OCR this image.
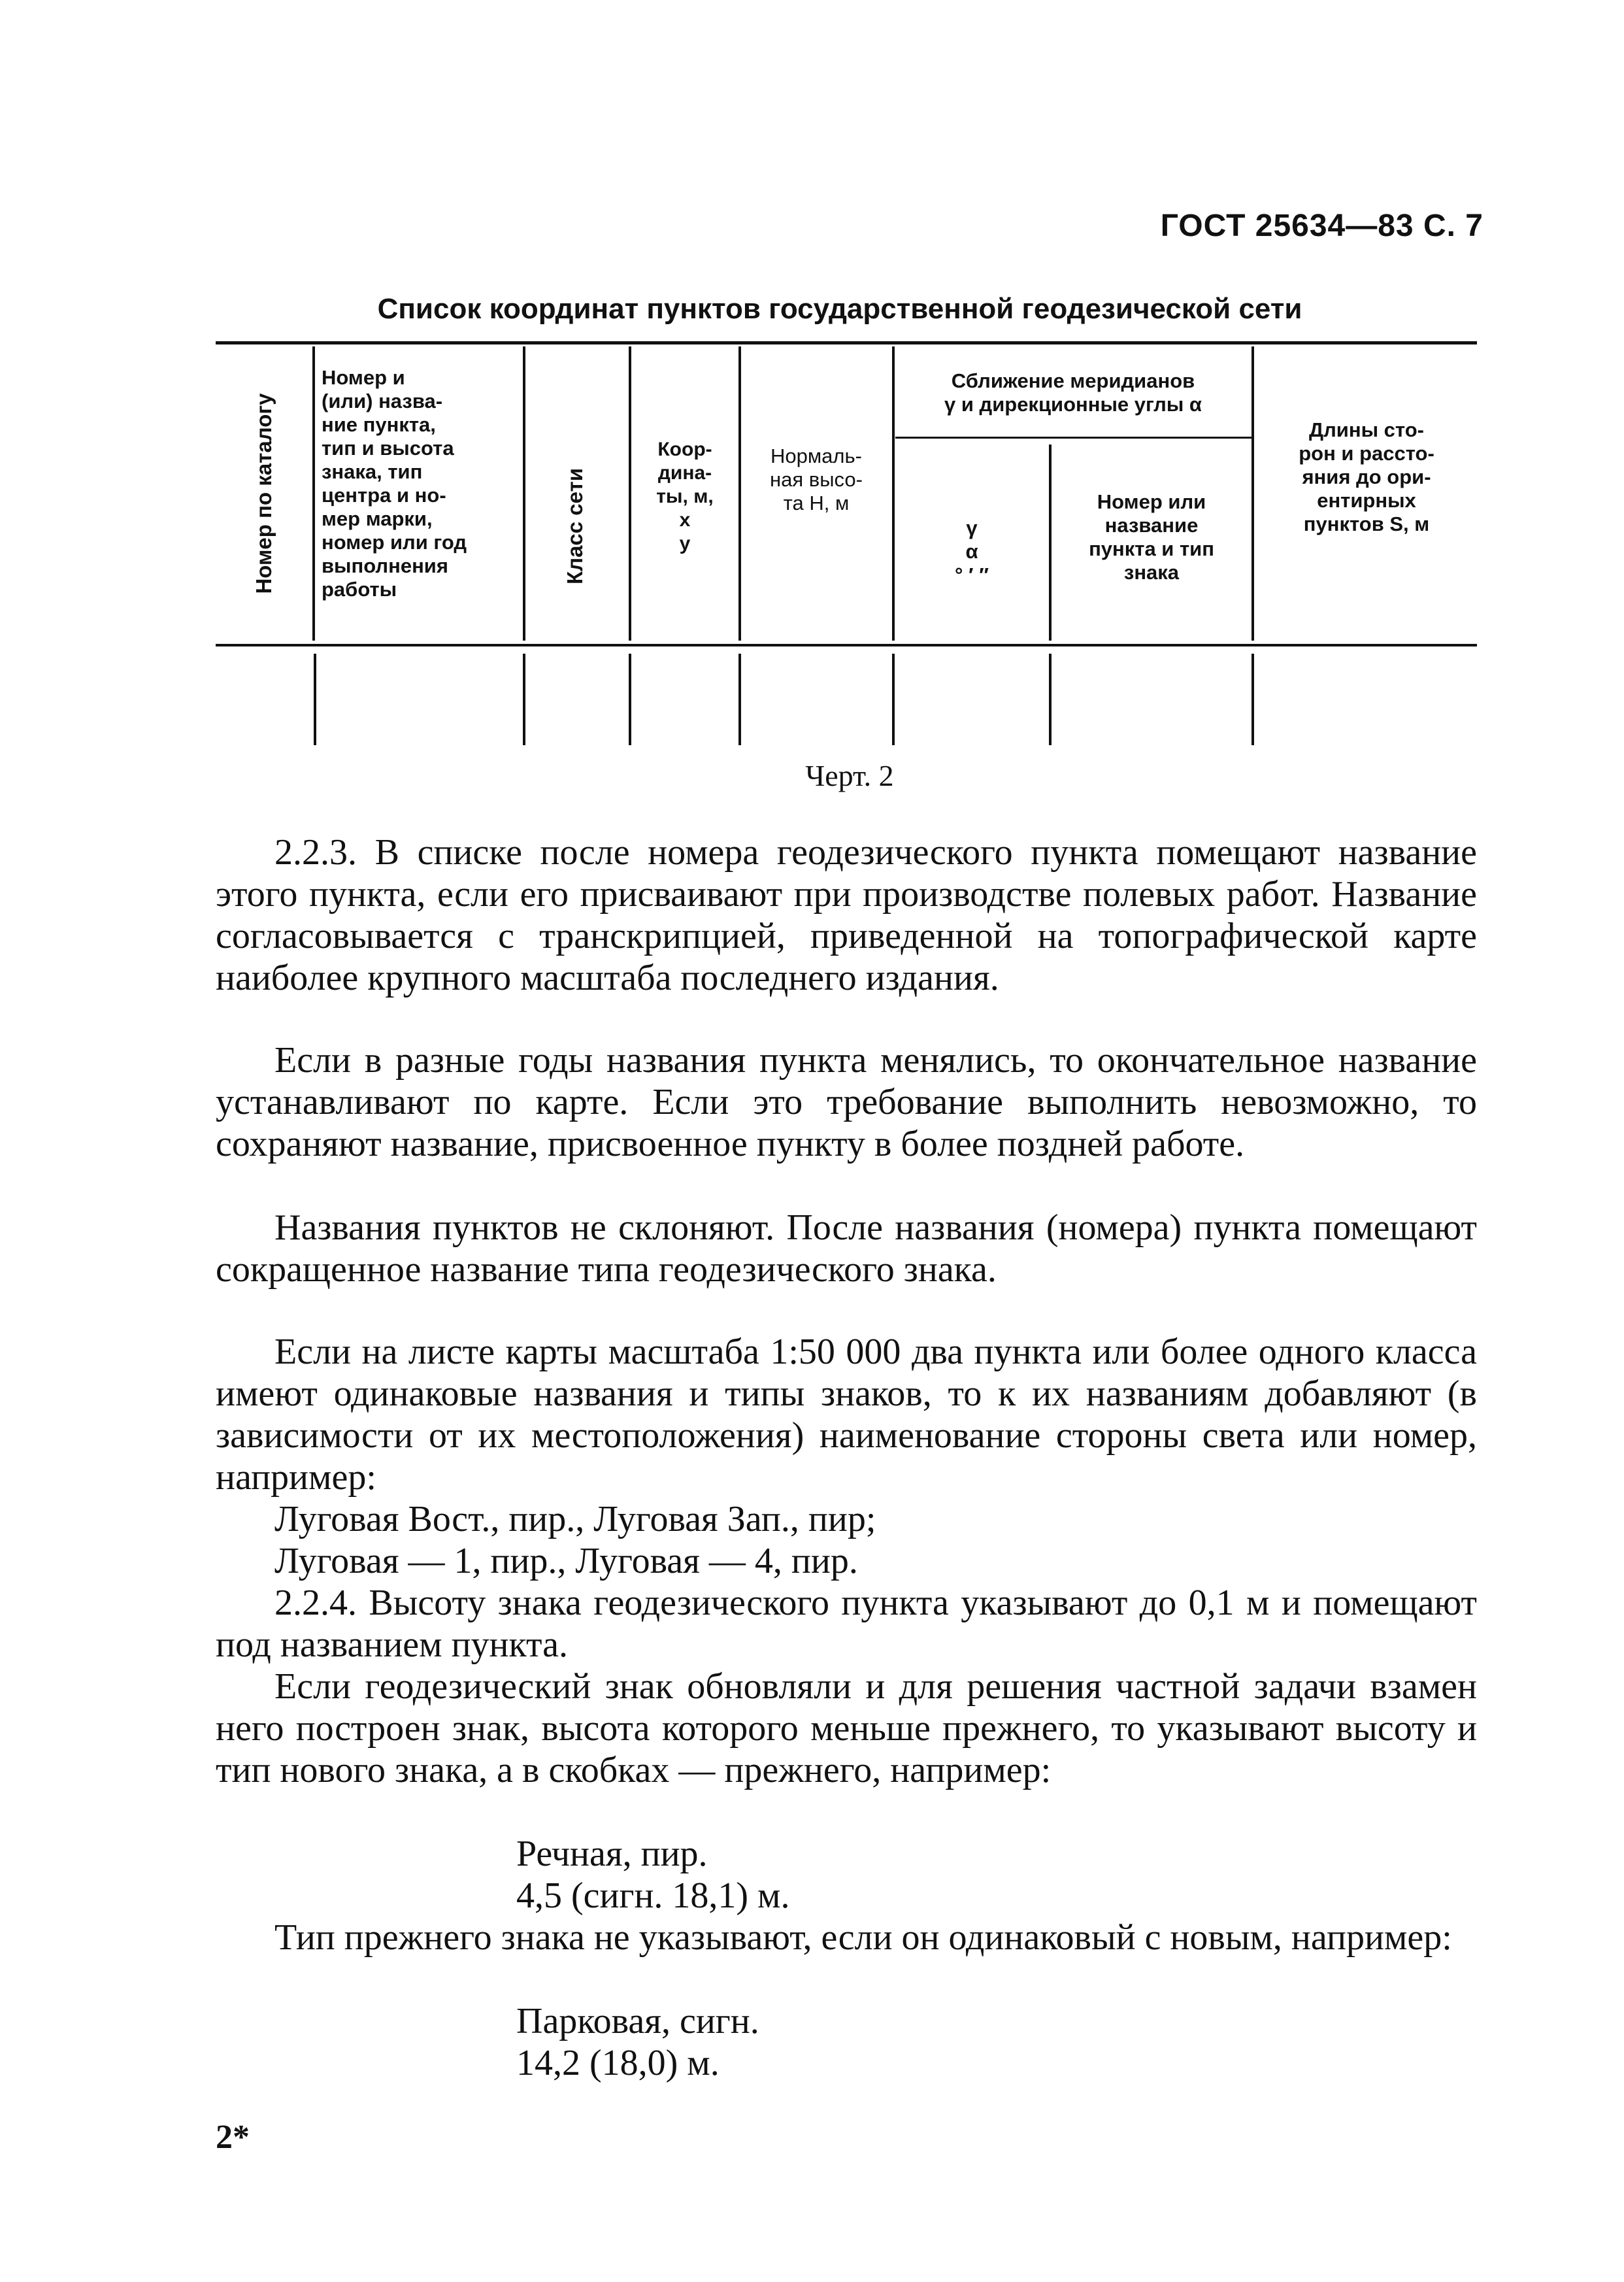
ГОСТ 25634—83 С. 7
Список координат пунктов государственной геодезической сети
Номер по каталогу
Номер и
(или) назва-
ние пункта,
тип и высота
знака, тип
центра и но-
мер марки,
номер или год
выполнения
работы
Класс сети
Коор-
дина-
ты, м,
x
y
Нормаль-
ная высо-
та H, м
Сближение меридианов
γ и дирекционные углы α
γ
α
° ′ ″
Номер или
название
пункта и тип
знака
Длины сто-
рон и рассто-
яния до ори-
ентирных
пунктов S, м
Черт. 2
2.2.3. В списке после номера геодезического пункта помещают название этого пункта, если его присваивают при производстве полевых работ. Название согласовывается с транскрипцией, приведенной на топографической карте наиболее крупного масштаба последнего издания.
Если в разные годы названия пункта менялись, то окончательное название устанавливают по карте. Если это требование выполнить невозможно, то сохраняют название, присвоенное пункту в более поздней работе.
Названия пунктов не склоняют. После названия (номера) пункта помещают сокращенное название типа геодезического знака.
Если на листе карты масштаба 1:50 000 два пункта или более одного класса имеют одинаковые названия и типы знаков, то к их названиям добавляют (в зависимости от их местоположения) наименование стороны света или номер, например:
Луговая Вост., пир., Луговая Зап., пир;
Луговая — 1, пир., Луговая — 4, пир.
2.2.4. Высоту знака геодезического пункта указывают до 0,1 м и помещают под названием пункта.
Если геодезический знак обновляли и для решения частной задачи взамен него построен знак, высота которого меньше прежнего, то указывают высоту и тип нового знака, а в скобках — прежнего, например:
Речная, пир.
4,5 (сигн. 18,1) м.
Тип прежнего знака не указывают, если он одинаковый с новым, например:
Парковая, сигн.
14,2 (18,0) м.
2*
